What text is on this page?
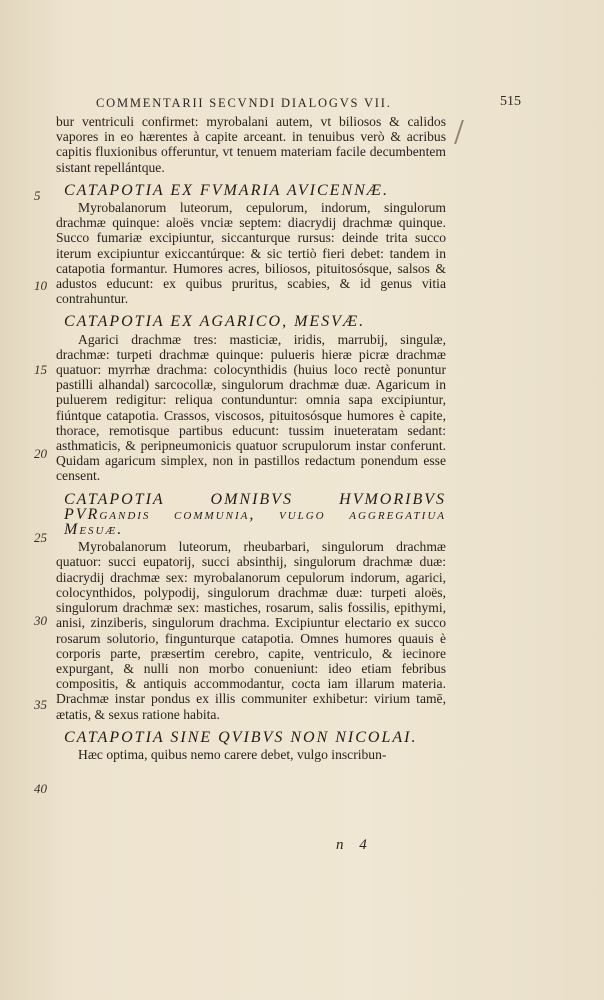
COMMENTARII SECVNDI DIALOGVS VII.	515
5
10
15
20
25
30
35
40

bur ventriculi confirmet: myrobalani autem, vt biliosos & calidos vapores in eo hærentes à capite arceant. in tenuibus verò & acribus capitis fluxionibus offeruntur, vt tenuem materiam facile decumbentem sistant repellántque.

CATAPOTIA EX FVMARIA AVICENNÆ.

Myrobalanorum luteorum, cepulorum, indorum, singulorum drachmæ quinque: aloës vnciæ septem: diacrydij drachmæ quinque. Succo fumariæ excipiuntur, siccanturque rursus: deinde trita succo iterum excipiuntur exiccantúrque: & sic tertiò fieri debet: tandem in catapotia formantur. Humores acres, biliosos, pituitosósque, salsos & adustos educunt: ex quibus pruritus, scabies, & id genus vitia contrahuntur.

CATAPOTIA EX AGARICO, MESVÆ.

Agarici drachmæ tres: masticiæ, iridis, marrubij, singulæ, drachmæ: turpeti drachmæ quinque: pulueris hieræ picræ drachmæ quatuor: myrrhæ drachma: colocynthidis (huius loco rectè ponuntur pastilli alhandal) sarcocollæ, singulorum drachmæ duæ. Agaricum in puluerem redigitur: reliqua contunduntur: omnia sapa excipiuntur, fiúntque catapotia. Crassos, viscosos, pituitosósque humores è capite, thorace, remotisque partibus educunt: tussim inueteratam sedant: asthmaticis, & peripneumonicis quatuor scrupulorum instar conferunt. Quidam agaricum simplex, non in pastillos redactum ponendum esse censent.

CATAPOTIA OMNIBVS HVMORIBVS PVRgandis communia, vulgo aggregatiua Mesuæ.

Myrobalanorum luteorum, rheubarbari, singulorum drachmæ quatuor: succi eupatorij, succi absinthij, singulorum drachmæ duæ: diacrydij drachmæ sex: myrobalanorum cepulorum indorum, agarici, colocynthidos, polypodij, singulorum drachmæ duæ: turpeti aloës, singulorum drachmæ sex: mastiches, rosarum, salis fossilis, epithymi, anisi, zinziberis, singulorum drachma. Excipiuntur electario ex succo rosarum solutorio, fingunturque catapotia. Omnes humores quauis è corporis parte, præsertim cerebro, capite, ventriculo, & iecinore expurgant, & nulli non morbo conueniunt: ideo etiam febribus compositis, & antiquis accommodantur, cocta iam illarum materia. Drachmæ instar pondus ex illis communiter exhibetur: virium tamē, ætatis, & sexus ratione habita.

CATAPOTIA SINE QVIBVS NON NICOLAI.

Hæc optima, quibus nemo carere debet, vulgo inscribun-

n 4
